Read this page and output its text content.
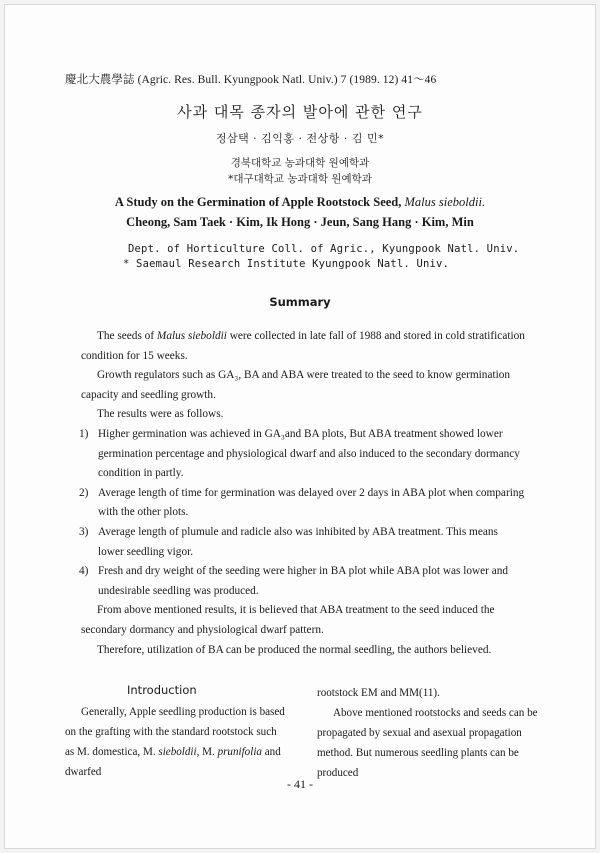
慶北大農學誌 (Agric. Res. Bull. Kyungpook Natl. Univ.) 7 (1989. 12) 41〜46
사과 대목 종자의 발아에 관한 연구
정삼택 · 김익홍 · 전상항 · 김 민*
경북대학교 농과대학 원예학과
*대구대학교 농과대학 원예학과
A Study on the Germination of Apple Rootstock Seed, Malus sieboldii.
Cheong, Sam Taek · Kim, Ik Hong · Jeun, Sang Hang · Kim, Min
Dept. of Horticulture Coll. of Agric., Kyungpook Natl. Univ.
* Saemaul Research Institute Kyungpook Natl. Univ.
Summary

The seeds of Malus sieboldii were collected in late fall of 1988 and stored in cold stratification condition for 15 weeks.

Growth regulators such as GA₃, BA and ABA were treated to the seed to know germination capacity and seedling growth.

The results were as follows.

1) Higher germination was achieved in GA₃and BA plots, But ABA treatment showed lower germination percentage and physiological dwarf and also induced to the secondary dormancy condition in partly.

2) Average length of time for germination was delayed over 2 days in ABA plot when comparing with the other plots.

3) Average length of plumule and radicle also was inhibited by ABA treatment. This means lower seedling vigor.

4) Fresh and dry weight of the seeding were higher in BA plot while ABA plot was lower and undesirable seedling was produced.

From above mentioned results, it is believed that ABA treatment to the seed induced the secondary dormancy and physiological dwarf pattern.

Therefore, utilization of BA can be produced the normal seedling, the authors believed.

Introduction

Generally, Apple seedling production is based on the grafting with the standard rootstock such as M. domestica, M. sieboldii, M. prunifolia and dwarfed

rootstock EM and MM(11).

Above mentioned rootstocks and seeds can be propagated by sexual and asexual propagation method. But numerous seedling plants can be produced

- 41 -
